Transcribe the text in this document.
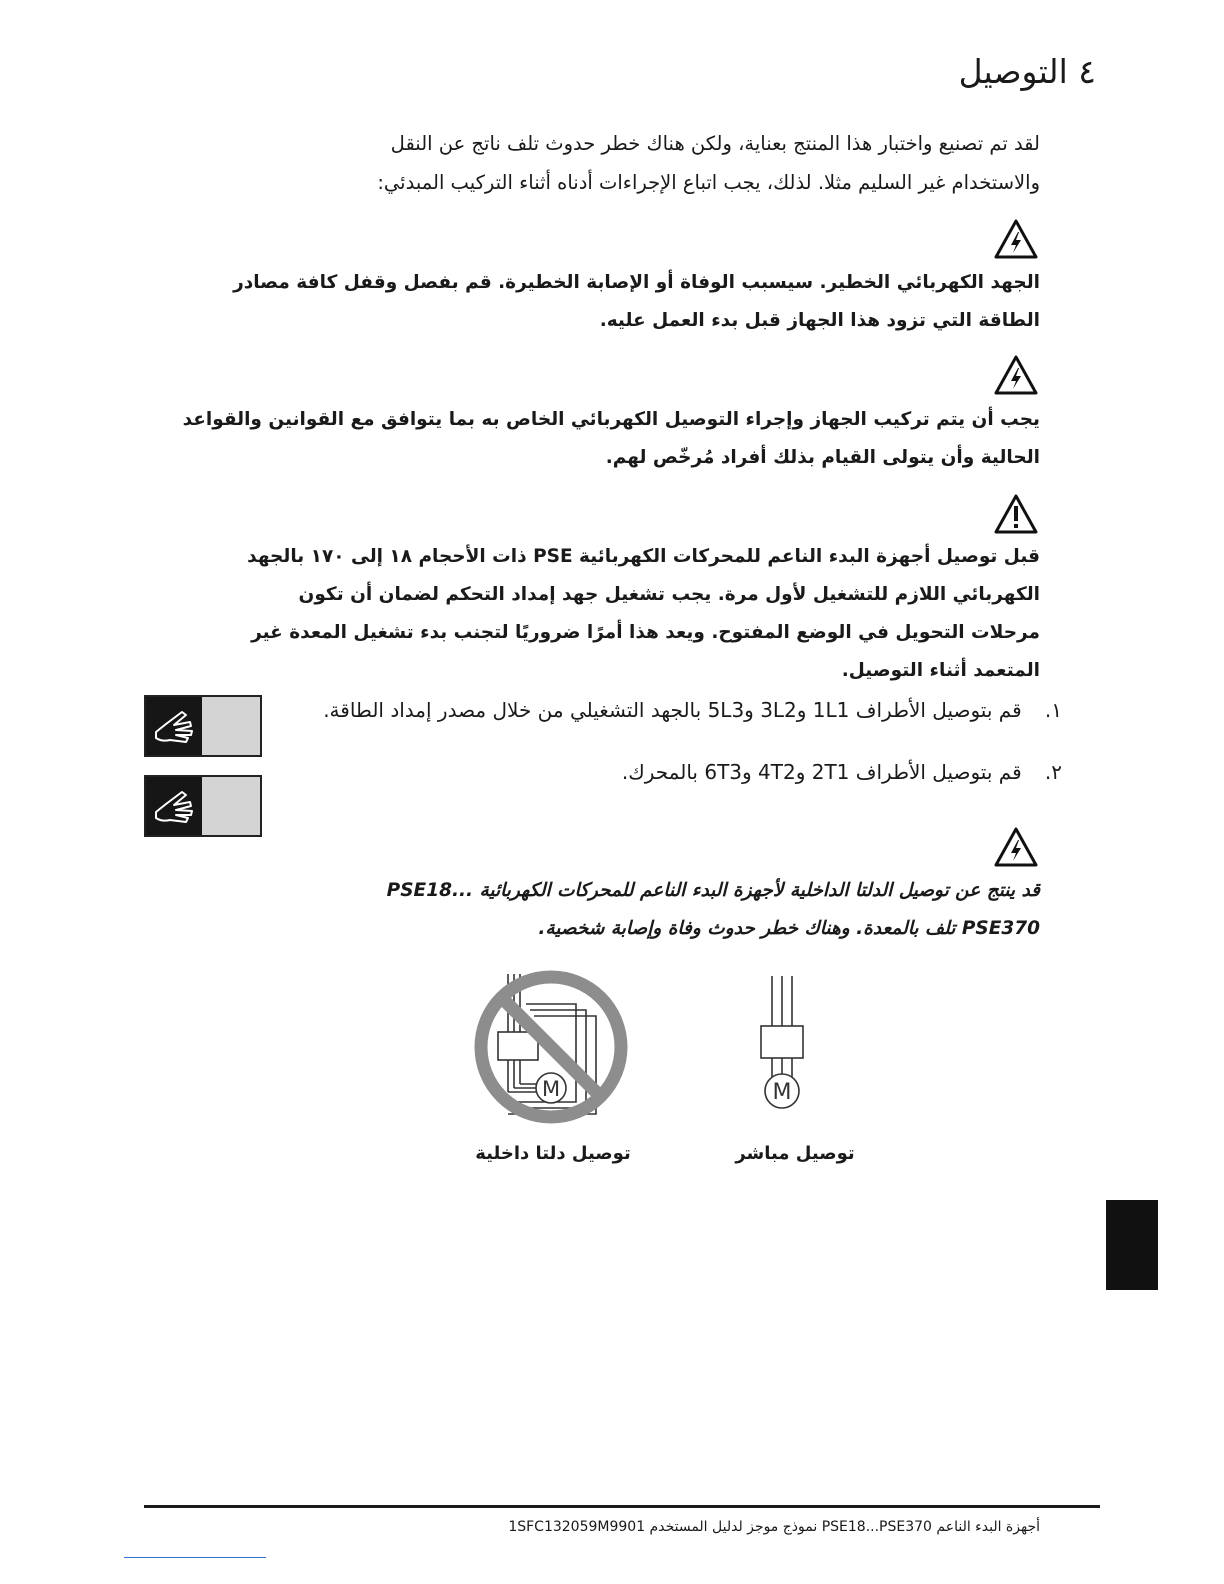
٤ التوصيل

لقد تم تصنيع واختبار هذا المنتج بعناية، ولكن هناك خطر حدوث تلف ناتج عن النقل

والاستخدام غير السليم مثلا. لذلك، يجب اتباع الإجراءات أدناه أثناء التركيب المبدئي:

الجهد الكهربائي الخطير. سيسبب الوفاة أو الإصابة الخطيرة. قم بفصل وقفل كافة مصادر

الطاقة التي تزود هذا الجهاز قبل بدء العمل عليه.

يجب أن يتم تركيب الجهاز وإجراء التوصيل الكهربائي الخاص به بما يتوافق مع القوانين والقواعد

الحالية وأن يتولى القيام بذلك أفراد مُرخّص لهم.

قبل توصيل أجهزة البدء الناعم للمحركات الكهربائية PSE ذات الأحجام ١٨ إلى ١٧٠ بالجهد

الكهربائي اللازم للتشغيل لأول مرة. يجب تشغيل جهد إمداد التحكم لضمان أن تكون

مرحلات التحويل في الوضع المفتوح. ويعد هذا أمرًا ضروريًا لتجنب بدء تشغيل المعدة غير

المتعمد أثناء التوصيل.

١. قم بتوصيل الأطراف 1L1 و3L2 و5L3 بالجهد التشغيلي من خلال مصدر إمداد الطاقة.
٢. قم بتوصيل الأطراف 2T1 و4T2 و6T3 بالمحرك.

قد ينتج عن توصيل الدلتا الداخلية لأجهزة البدء الناعم للمحركات الكهربائية ...PSE18

PSE370 تلف بالمعدة. وهناك خطر حدوث وفاة وإصابة شخصية.

M	M
توصيل دلتا داخلية	توصيل مباشر
أجهزة البدء الناعم PSE18...PSE370 نموذج موجز لدليل المستخدم 1SFC132059M9901
